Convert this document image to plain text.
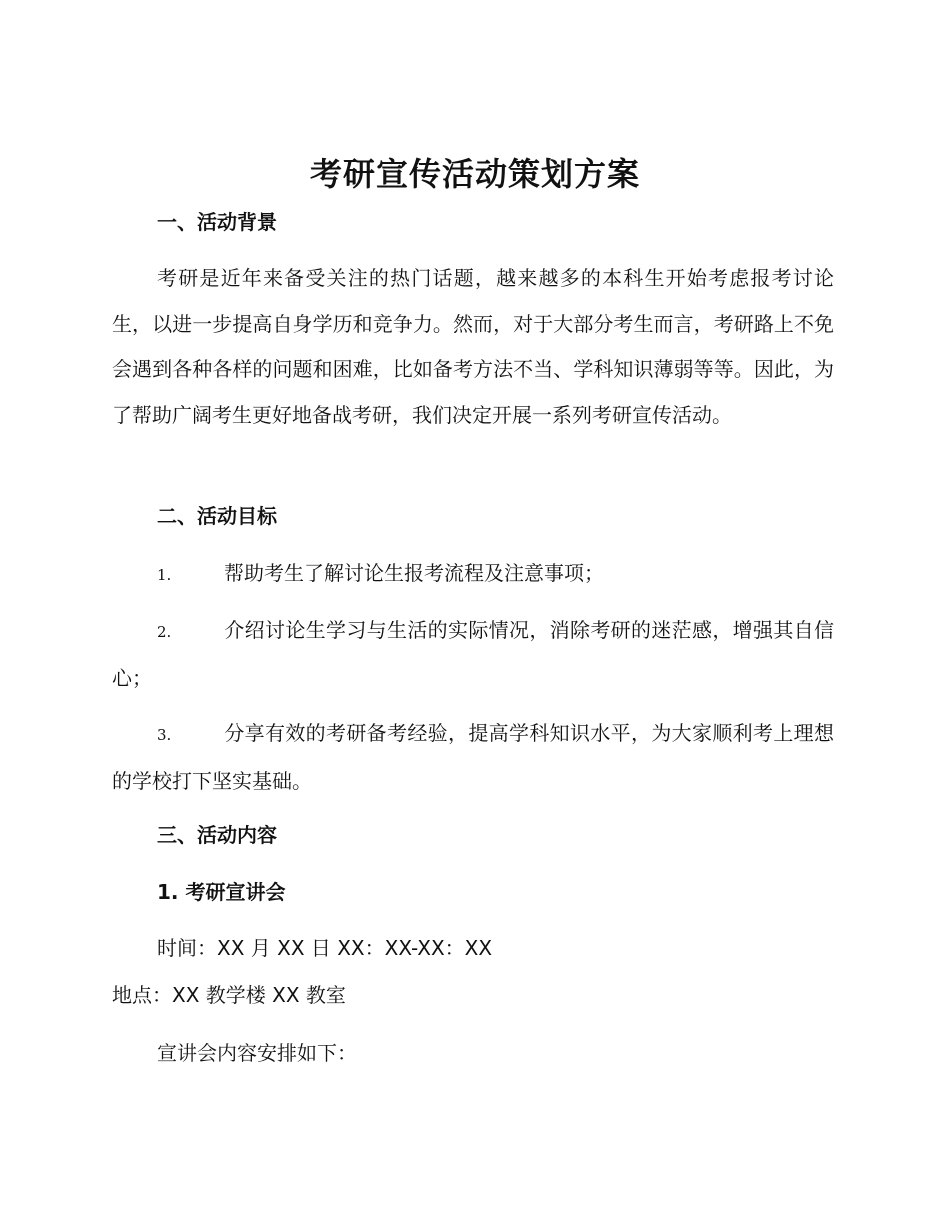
考研宣传活动策划方案
一、活动背景

考研是近年来备受关注的热门话题，越来越多的本科生开始考虑报考讨论生，以进一步提高自身学历和竞争力。然而，对于大部分考生而言，考研路上不免会遇到各种各样的问题和困难，比如备考方法不当、学科知识薄弱等等。因此，为了帮助广阔考生更好地备战考研，我们决定开展一系列考研宣传活动。

二、活动目标

1.	帮助考生了解讨论生报考流程及注意事项；

2.	介绍讨论生学习与生活的实际情况，消除考研的迷茫感，增强其自信心；

3.	分享有效的考研备考经验，提高学科知识水平，为大家顺利考上理想的学校打下坚实基础。

三、活动内容
1. 考研宣讲会
时间：XX 月 XX 日 XX：XX-XX：XX
地点：XX 教学楼 XX 教室
宣讲会内容安排如下：
